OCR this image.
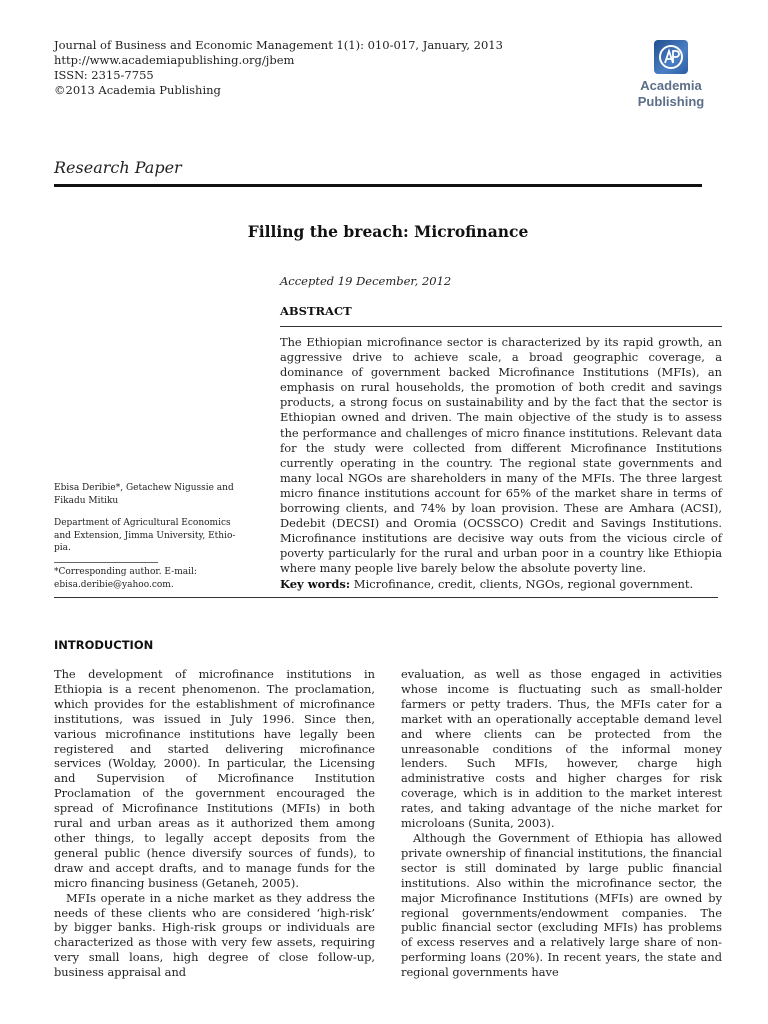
Journal of Business and Economic Management 1(1): 010-017, January, 2013
http://www.academiapublishing.org/jbem
ISSN: 2315-7755
©2013 Academia Publishing	Academia
Publishing
Research Paper
Filling the breach: Microfinance
Accepted 19 December, 2012
ABSTRACT
The Ethiopian microfinance sector is characterized by its rapid growth, an aggressive drive to achieve scale, a broad geographic coverage, a dominance of government backed Microfinance Institutions (MFIs), an emphasis on rural households, the promotion of both credit and savings products, a strong focus on sustainability and by the fact that the sector is Ethiopian owned and driven. The main objective of the study is to assess the performance and challenges of micro finance institutions. Relevant data for the study were collected from different Microfinance Institutions currently operating in the country. The regional state governments and many local NGOs are shareholders in many of the MFIs. The three largest micro finance institutions account for 65% of the market share in terms of borrowing clients, and 74% by loan provision. These are Amhara (ACSI), Dedebit (DECSI) and Oromia (OCSSCO) Credit and Savings Institutions. Microfinance institutions are decisive way outs from the vicious circle of poverty particularly for the rural and urban poor in a country like Ethiopia where many people live barely below the absolute poverty line.
Key words: Microfinance, credit, clients, NGOs, regional government.
Ebisa Deribie*, Getachew Nigussie and Fikadu Mitiku
Department of Agricultural Economics and Extension, Jimma University, Ethio-pia.
*Corresponding author. E-mail: ebisa.deribie@yahoo.com.
INTRODUCTION

The development of microfinance institutions in Ethiopia is a recent phenomenon. The proclamation, which provides for the establishment of microfinance institutions, was issued in July 1996. Since then, various microfinance institutions have legally been registered and started delivering microfinance services (Wolday, 2000). In particular, the Licensing and Supervision of Microfinance Institution Proclamation of the government encouraged the spread of Microfinance Institutions (MFIs) in both rural and urban areas as it authorized them among other things, to legally accept deposits from the general public (hence diversify sources of funds), to draw and accept drafts, and to manage funds for the micro financing business (Getaneh, 2005).

MFIs operate in a niche market as they address the needs of these clients who are considered ‘high-risk’ by bigger banks. High-risk groups or individuals are characterized as those with very few assets, requiring very small loans, high degree of close follow-up, business appraisal and

evaluation, as well as those engaged in activities whose income is fluctuating such as small-holder farmers or petty traders. Thus, the MFIs cater for a market with an operationally acceptable demand level and where clients can be protected from the unreasonable conditions of the informal money lenders. Such MFIs, however, charge high administrative costs and higher charges for risk coverage, which is in addition to the market interest rates, and taking advantage of the niche market for microloans (Sunita, 2003).

Although the Government of Ethiopia has allowed private ownership of financial institutions, the financial sector is still dominated by large public financial institutions. Also within the microfinance sector, the major Microfinance Institutions (MFIs) are owned by regional governments/endowment companies. The public financial sector (excluding MFIs) has problems of excess reserves and a relatively large share of non-performing loans (20%). In recent years, the state and regional governments have
